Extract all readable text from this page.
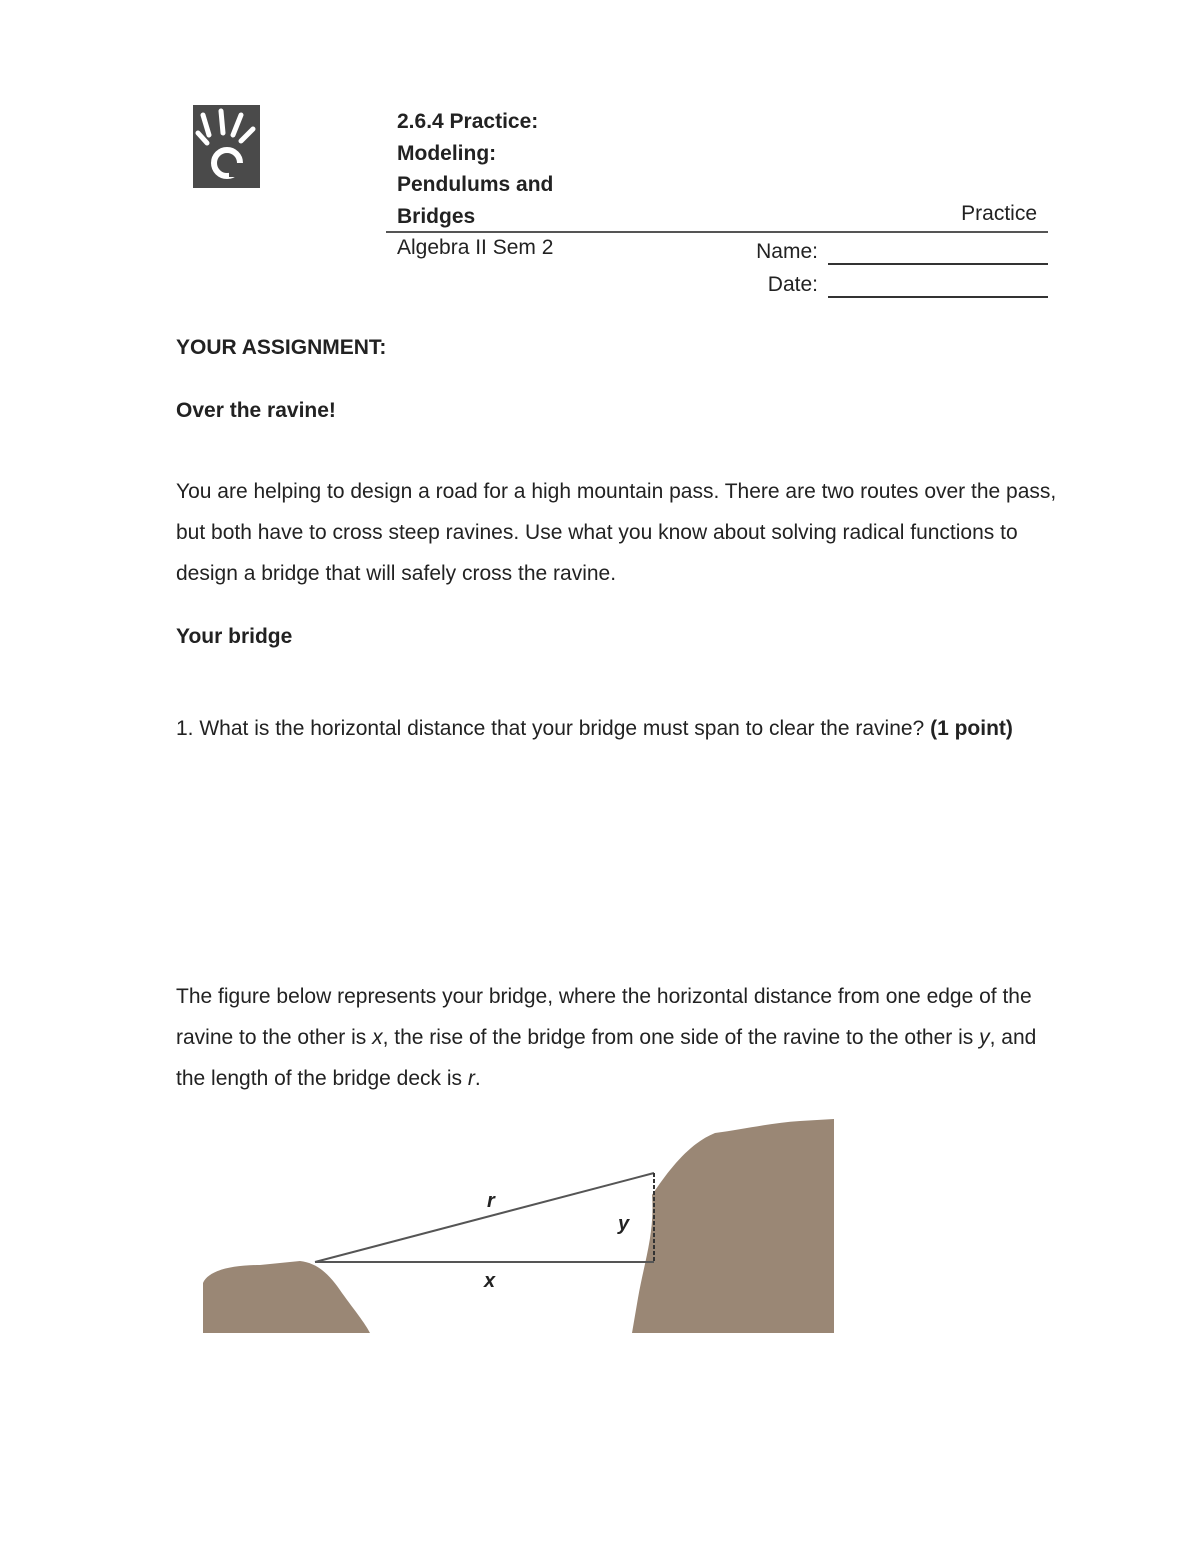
2.6.4 Practice:
Modeling:
Pendulums and
Bridges	Practice
Algebra II Sem 2	Name:
Date:
YOUR ASSIGNMENT:
Over the ravine!
You are helping to design a road for a high mountain pass. There are two routes over the pass, but both have to cross steep ravines. Use what you know about solving radical functions to design a bridge that will safely cross the ravine.
Your bridge
1. What is the horizontal distance that your bridge must span to clear the ravine? (1 point)
The figure below represents your bridge, where the horizontal distance from one edge of the ravine to the other is x, the rise of the bridge from one side of the ravine to the other is y, and the length of the bridge deck is r.
r
y
x
